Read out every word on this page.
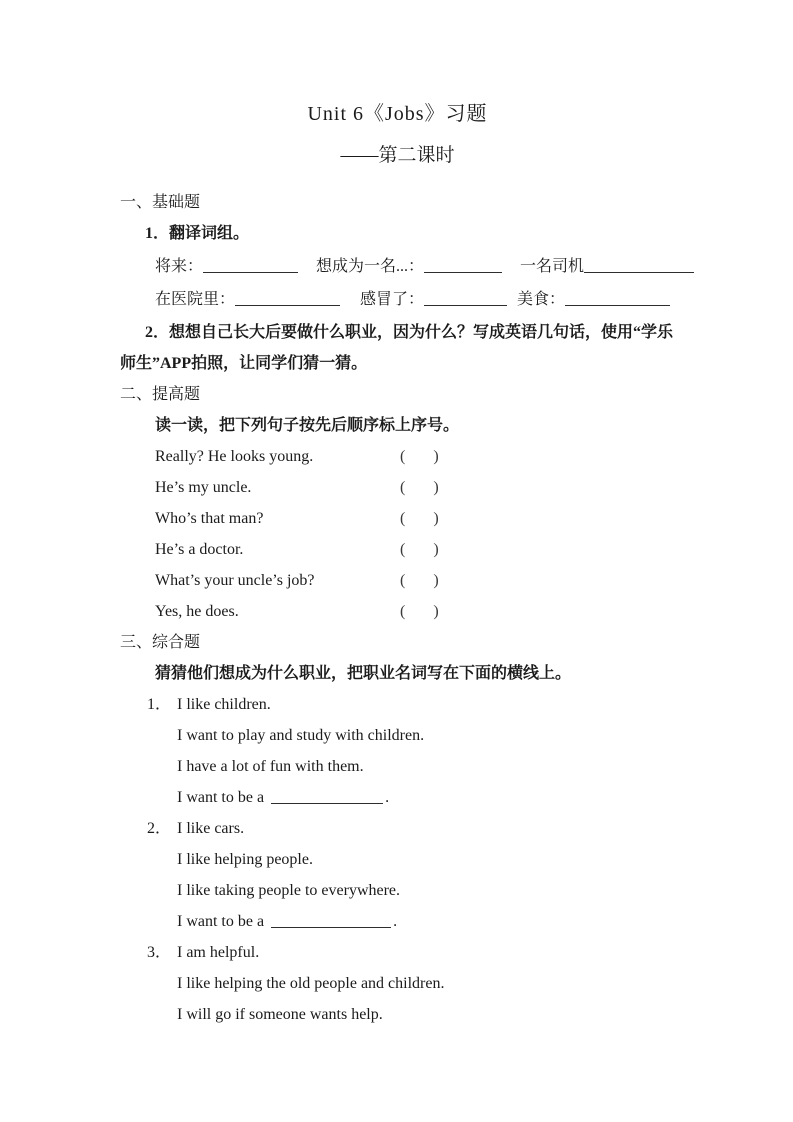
Unit 6《Jobs》习题
——第二课时
一、基础题
1．翻译词组。
将来：	想成为一名...：	一名司机
在医院里：	感冒了：	美食：

2．想想自己长大后要做什么职业，因为什么？写成英语几句话，使用“学乐师生”APP拍照，让同学们猜一猜。

二、提高题
读一读，把下列句子按先后顺序标上序号。
Really? He looks young.	( )
He’s my uncle.	( )
Who’s that man?	( )
He’s a doctor.	( )
What’s your uncle’s job?	( )
Yes, he does.	( )
三、综合题
猜猜他们想成为什么职业，把职业名词写在下面的横线上。
1． I like children.
I want to play and study with children.
I have a lot of fun with them.
I want to be a	.
2． I like cars.
I like helping people.
I like taking people to everywhere.
I want to be a	.
3． I am helpful.
I like helping the old people and children.
I will go if someone wants help.
